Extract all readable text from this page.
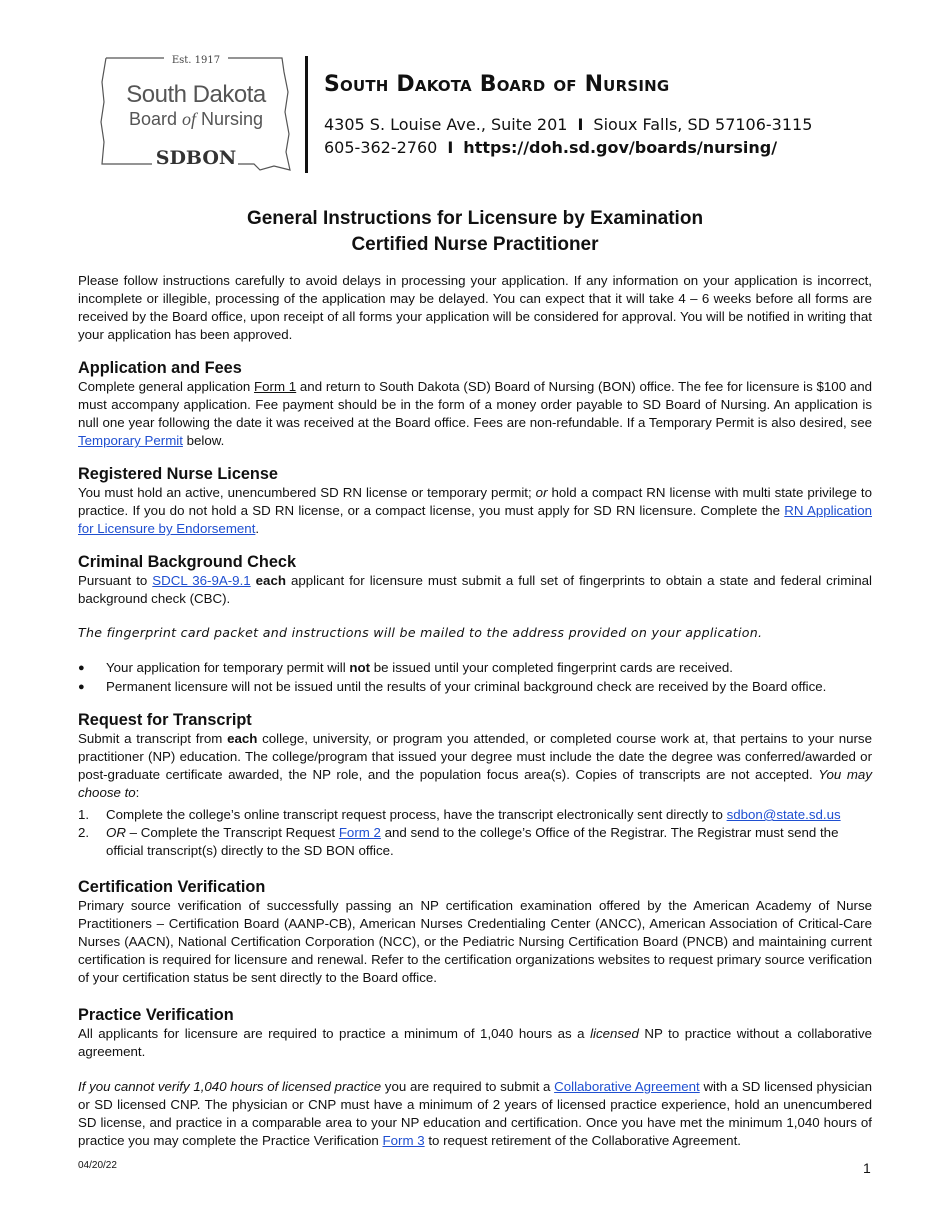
Est. 1917
South Dakota
Board of Nursing
SDBON
South Dakota Board of Nursing
4305 S. Louise Ave., Suite 201 I Sioux Falls, SD 57106-3115
605-362-2760 I https://doh.sd.gov/boards/nursing/
General Instructions for Licensure by Examination
Certified Nurse Practitioner

Please follow instructions carefully to avoid delays in processing your application. If any information on your application is incorrect, incomplete or illegible, processing of the application may be delayed. You can expect that it will take 4 – 6 weeks before all forms are received by the Board office, upon receipt of all forms your application will be considered for approval. You will be notified in writing that your application has been approved.

Application and Fees

Complete general application Form 1 and return to South Dakota (SD) Board of Nursing (BON) office. The fee for licensure is $100 and must accompany application. Fee payment should be in the form of a money order payable to SD Board of Nursing. An application is null one year following the date it was received at the Board office. Fees are non-refundable. If a Temporary Permit is also desired, see Temporary Permit below.

Registered Nurse License

You must hold an active, unencumbered SD RN license or temporary permit; or hold a compact RN license with multi state privilege to practice. If you do not hold a SD RN license, or a compact license, you must apply for SD RN licensure. Complete the RN Application for Licensure by Endorsement.

Criminal Background Check

Pursuant to SDCL 36-9A-9.1 each applicant for licensure must submit a full set of fingerprints to obtain a state and federal criminal background check (CBC).

The fingerprint card packet and instructions will be mailed to the address provided on your application.

● Your application for temporary permit will not be issued until your completed fingerprint cards are received.
● Permanent licensure will not be issued until the results of your criminal background check are received by the Board office.
Request for Transcript

Submit a transcript from each college, university, or program you attended, or completed course work at, that pertains to your nurse practitioner (NP) education. The college/program that issued your degree must include the date the degree was conferred/awarded or post-graduate certificate awarded, the NP role, and the population focus area(s). Copies of transcripts are not accepted. You may choose to:

1. Complete the college’s online transcript request process, have the transcript electronically sent directly to sdbon@state.sd.us
2. OR – Complete the Transcript Request Form 2 and send to the college’s Office of the Registrar. The Registrar must send the official transcript(s) directly to the SD BON office.
Certification Verification

Primary source verification of successfully passing an NP certification examination offered by the American Academy of Nurse Practitioners – Certification Board (AANP-CB), American Nurses Credentialing Center (ANCC), American Association of Critical-Care Nurses (AACN), National Certification Corporation (NCC), or the Pediatric Nursing Certification Board (PNCB) and maintaining current certification is required for licensure and renewal. Refer to the certification organizations websites to request primary source verification of your certification status be sent directly to the Board office.

Practice Verification

All applicants for licensure are required to practice a minimum of 1,040 hours as a licensed NP to practice without a collaborative agreement.

If you cannot verify 1,040 hours of licensed practice you are required to submit a Collaborative Agreement with a SD licensed physician or SD licensed CNP. The physician or CNP must have a minimum of 2 years of licensed practice experience, hold an unencumbered SD license, and practice in a comparable area to your NP education and certification. Once you have met the minimum 1,040 hours of practice you may complete the Practice Verification Form 3 to request retirement of the Collaborative Agreement.

04/20/22	1
